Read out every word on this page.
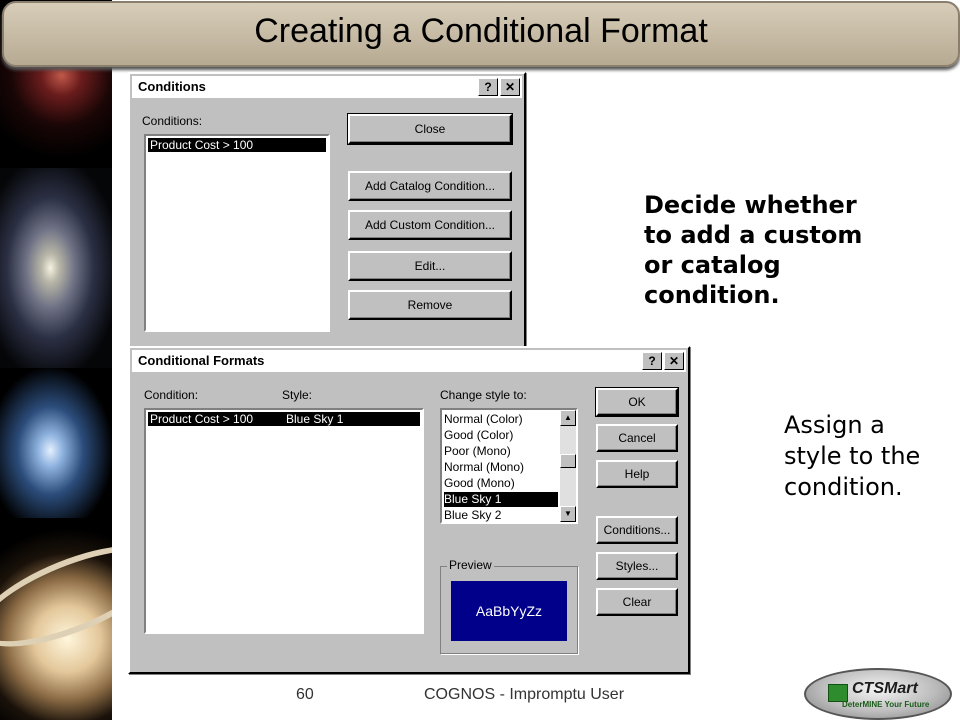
Creating a Conditional Format
Conditions	?	✕
Conditions:
Product Cost > 100
Close
Add Catalog Condition...
Add Custom Condition...
Edit...
Remove
Conditional Formats	?	✕
Condition:	Style:
Product Cost > 100	Blue Sky 1
Change style to:
Normal (Color)
Good (Color)
Poor (Mono)
Normal (Mono)
Good (Mono)
Blue Sky 1
Blue Sky 2
▲
▼
Preview
AaBbYyZz
OK
Cancel
Help
Conditions...
Styles...
Clear
Decide whether to add a custom or catalog condition.
Assign a style to the condition.
60	COGNOS - Impromptu User	CTSMart
DeterMINE Your Future
